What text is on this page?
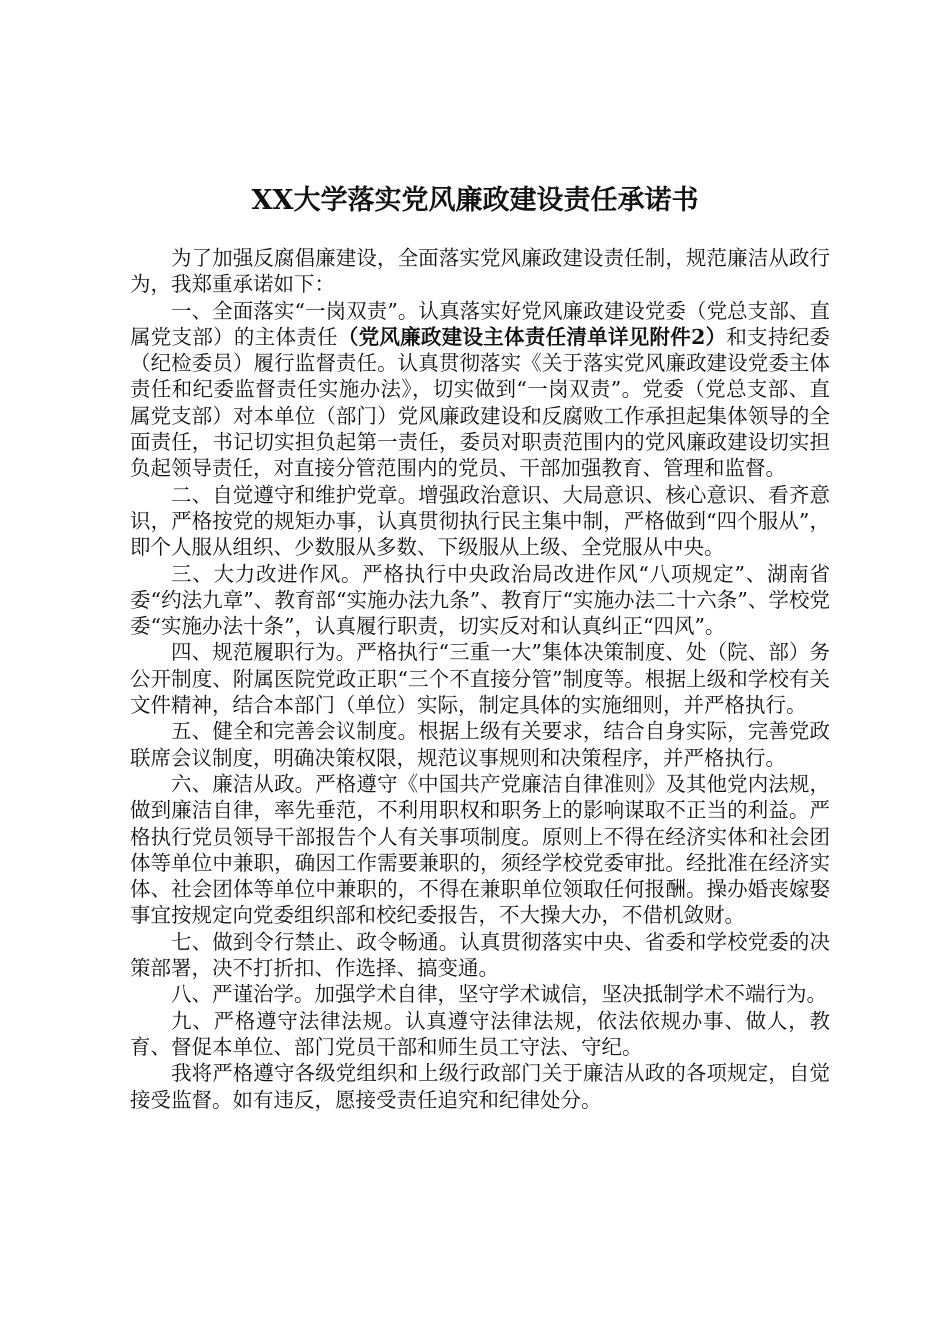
XX大学落实党风廉政建设责任承诺书

为了加强反腐倡廉建设，全面落实党风廉政建设责任制，规范廉洁从政行为，我郑重承诺如下：

一、全面落实“一岗双责”。认真落实好党风廉政建设党委（党总支部、直属党支部）的主体责任（党风廉政建设主体责任清单详见附件2）和支持纪委（纪检委员）履行监督责任。认真贯彻落实《关于落实党风廉政建设党委主体责任和纪委监督责任实施办法》，切实做到“一岗双责”。党委（党总支部、直属党支部）对本单位（部门）党风廉政建设和反腐败工作承担起集体领导的全面责任，书记切实担负起第一责任，委员对职责范围内的党风廉政建设切实担负起领导责任，对直接分管范围内的党员、干部加强教育、管理和监督。

二、自觉遵守和维护党章。增强政治意识、大局意识、核心意识、看齐意识，严格按党的规矩办事，认真贯彻执行民主集中制，严格做到“四个服从”，即个人服从组织、少数服从多数、下级服从上级、全党服从中央。

三、大力改进作风。严格执行中央政治局改进作风“八项规定”、湖南省委“约法九章”、教育部“实施办法九条”、教育厅“实施办法二十六条”、学校党委“实施办法十条”，认真履行职责，切实反对和认真纠正“四风”。

四、规范履职行为。严格执行“三重一大”集体决策制度、处（院、部）务公开制度、附属医院党政正职“三个不直接分管”制度等。根据上级和学校有关文件精神，结合本部门（单位）实际，制定具体的实施细则，并严格执行。

五、健全和完善会议制度。根据上级有关要求，结合自身实际，完善党政联席会议制度，明确决策权限，规范议事规则和决策程序，并严格执行。

六、廉洁从政。严格遵守《中国共产党廉洁自律准则》及其他党内法规，做到廉洁自律，率先垂范，不利用职权和职务上的影响谋取不正当的利益。严格执行党员领导干部报告个人有关事项制度。原则上不得在经济实体和社会团体等单位中兼职，确因工作需要兼职的，须经学校党委审批。经批准在经济实体、社会团体等单位中兼职的，不得在兼职单位领取任何报酬。操办婚丧嫁娶事宜按规定向党委组织部和校纪委报告，不大操大办，不借机敛财。

七、做到令行禁止、政令畅通。认真贯彻落实中央、省委和学校党委的决策部署，决不打折扣、作选择、搞变通。

八、严谨治学。加强学术自律，坚守学术诚信，坚决抵制学术不端行为。

九、严格遵守法律法规。认真遵守法律法规，依法依规办事、做人，教育、督促本单位、部门党员干部和师生员工守法、守纪。

我将严格遵守各级党组织和上级行政部门关于廉洁从政的各项规定，自觉接受监督。如有违反，愿接受责任追究和纪律处分。
